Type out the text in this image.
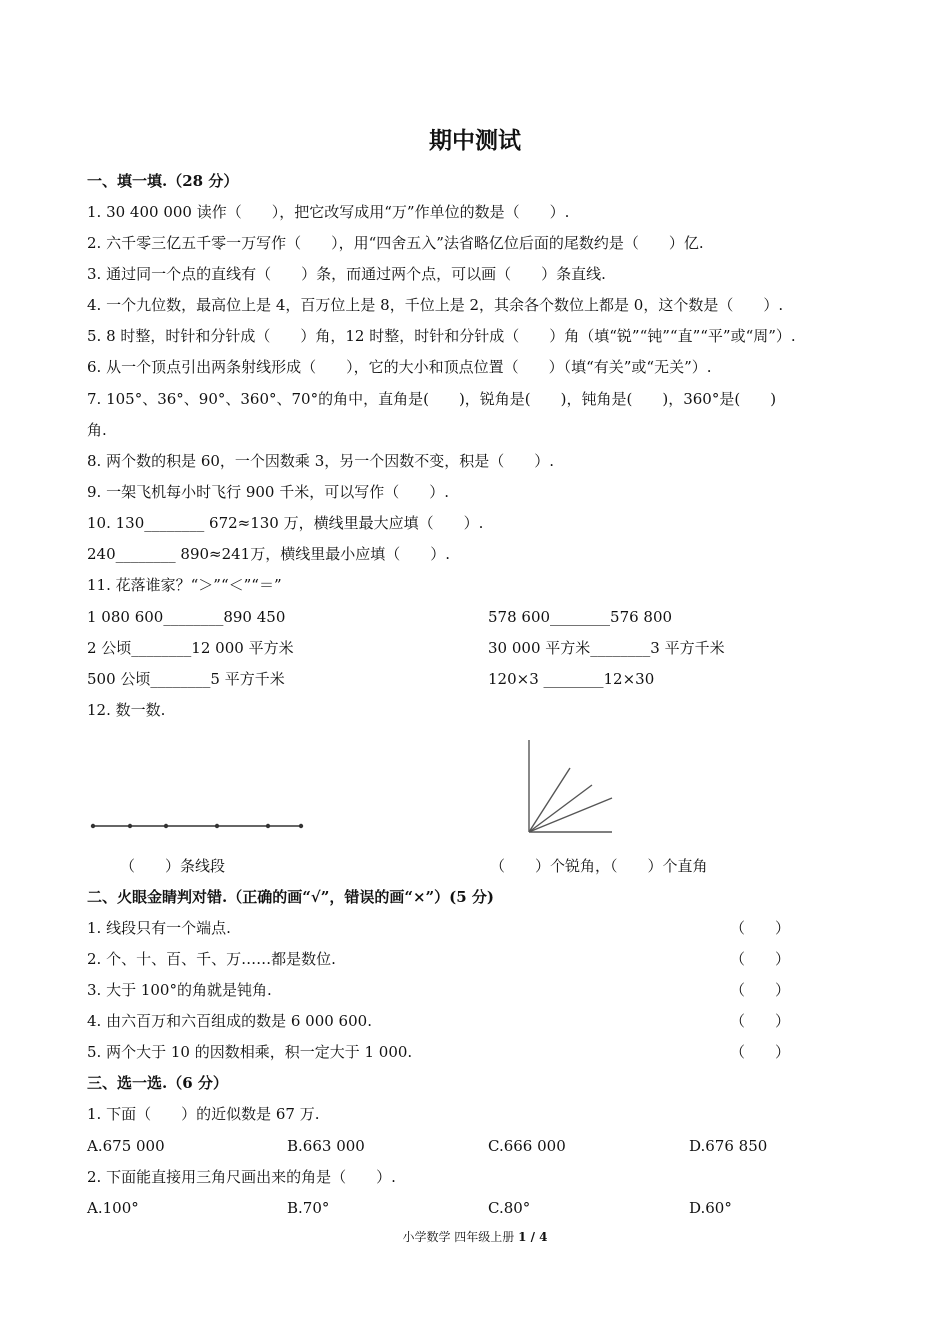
期中测试
一、填一填.（28 分）
1. 30 400 000 读作（　　），把它改写成用“万”作单位的数是（　　）.
2. 六千零三亿五千零一万写作（　　），用“四舍五入”法省略亿位后面的尾数约是（　　）亿.
3. 通过同一个点的直线有（　　）条，而通过两个点，可以画（　　）条直线.
4. 一个九位数，最高位上是 4，百万位上是 8，千位上是 2，其余各个数位上都是 0，这个数是（　　）.
5. 8 时整，时针和分针成（　　）角，12 时整，时针和分针成（　　）角（填“锐”“钝”“直”“平”或“周”）.
6. 从一个顶点引出两条射线形成（　　），它的大小和顶点位置（　　）（填“有关”或“无关”）.
7. 105°、36°、90°、360°、70°的角中，直角是(　　)，锐角是(　　)，钝角是(　　)，360°是(　　)
角.
8. 两个数的积是 60，一个因数乘 3，另一个因数不变，积是（　　）.
9. 一架飞机每小时飞行 900 千米，可以写作（　　）.
10. 130________ 672≈130 万，横线里最大应填（　　）.
240________ 890≈241万，横线里最小应填（　　）.
11. 花落谁家？“＞”“＜”“＝”
1 080 600________890 450	578 600________576 800
2 公顷________12 000 平方米	30 000 平方米________3 平方千米
500 公顷________5 平方千米	120×3 ________12×30
12. 数一数.
（　　）条线段	（　　）个锐角，（　　）个直角
二、火眼金睛判对错.（正确的画“√”，错误的画“×”）(5 分)
1. 线段只有一个端点.	（　　）
2. 个、十、百、千、万……都是数位.	（　　）
3. 大于 100°的角就是钝角.	（　　）
4. 由六百万和六百组成的数是 6 000 600.	（　　）
5. 两个大于 10 的因数相乘，积一定大于 1 000.	（　　）
三、选一选.（6 分）
1. 下面（　　）的近似数是 67 万.
A.675 000	B.663 000	C.666 000	D.676 850
2. 下面能直接用三角尺画出来的角是（　　）.
A.100°	B.70°	C.80°	D.60°
小学数学 四年级上册 1 / 4
